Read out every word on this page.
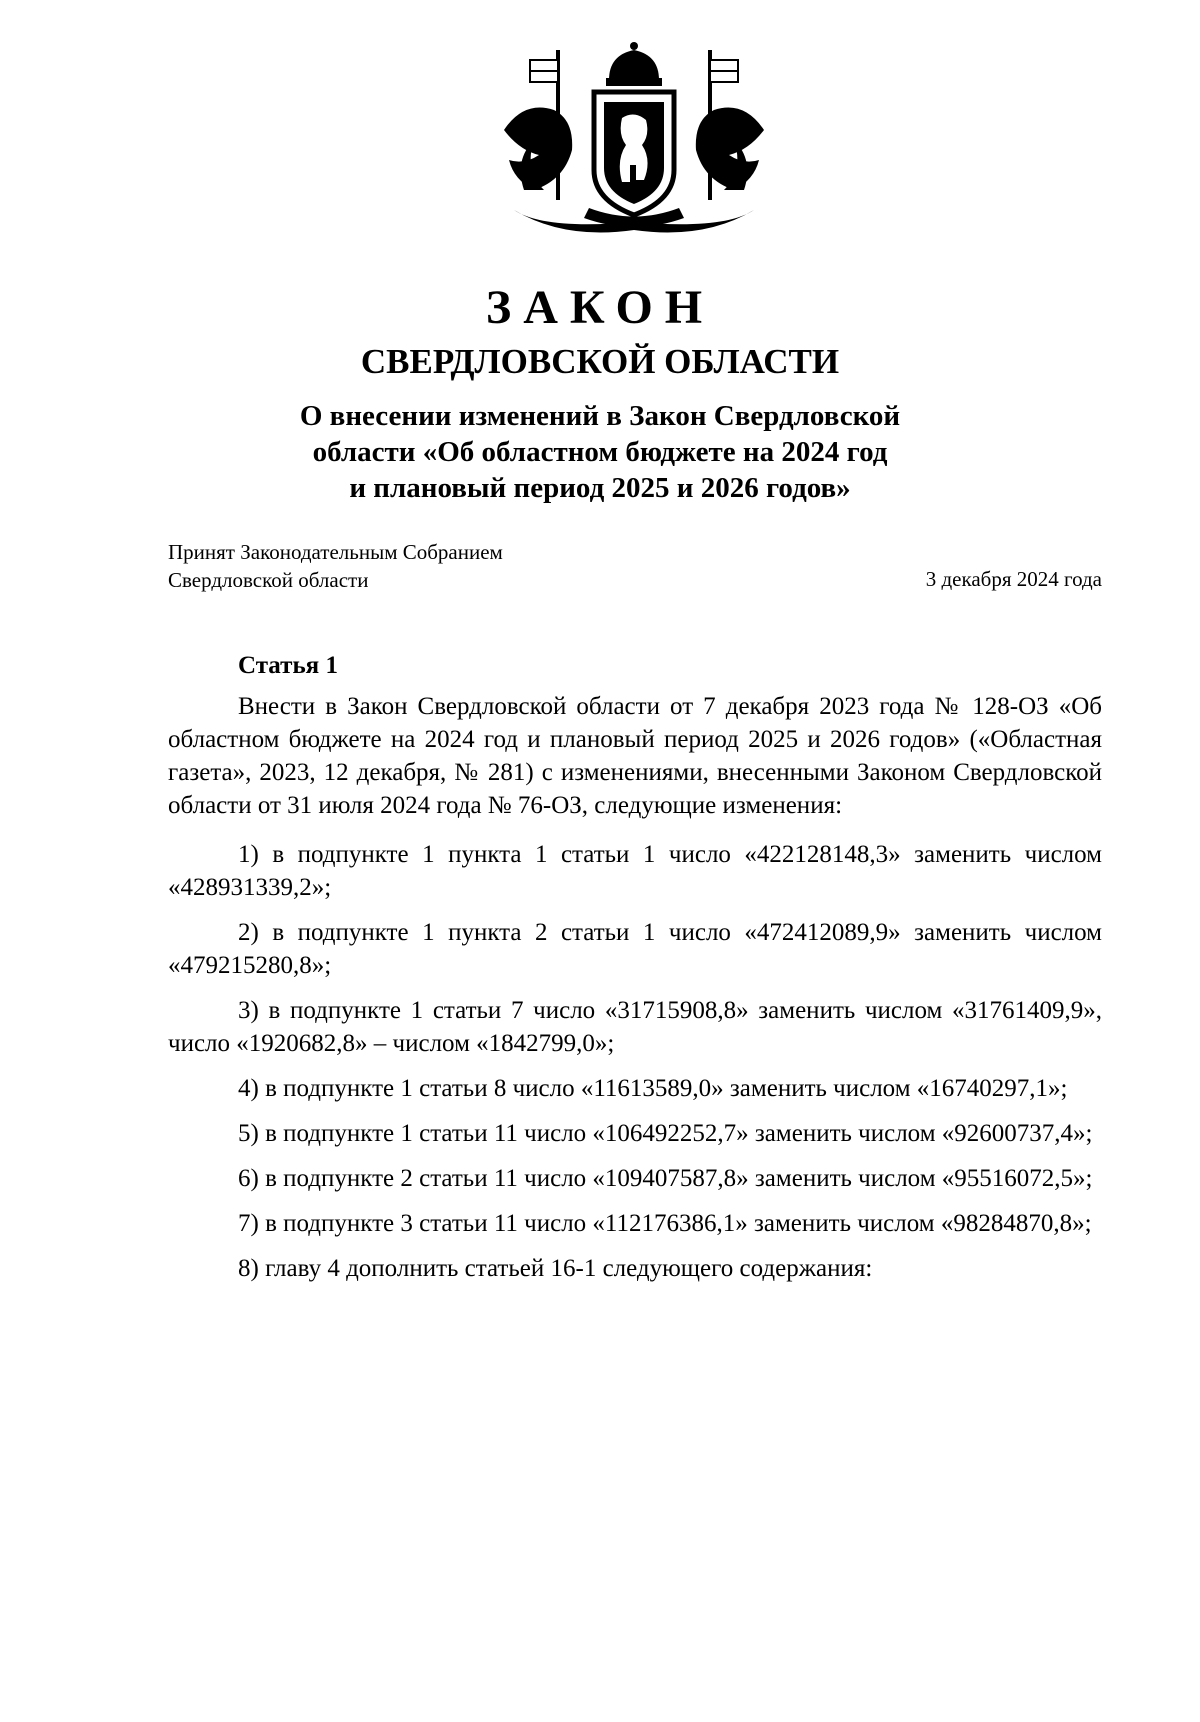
ЗАКОН
СВЕРДЛОВСКОЙ ОБЛАСТИ
О внесении изменений в Закон Свердловской
области «Об областном бюджете на 2024 год
и плановый период 2025 и 2026 годов»
Принят Законодательным Собранием
Свердловской области	3 декабря 2024 года
Статья 1

Внести в Закон Свердловской области от 7 декабря 2023 года № 128-ОЗ «Об областном бюджете на 2024 год и плановый период 2025 и 2026 годов» («Областная газета», 2023, 12 декабря, № 281) с изменениями, внесенными Законом Свердловской области от 31 июля 2024 года № 76-ОЗ, следующие изменения:

1) в подпункте 1 пункта 1 статьи 1 число «422128148,3» заменить числом «428931339,2»;

2) в подпункте 1 пункта 2 статьи 1 число «472412089,9» заменить числом «479215280,8»;

3) в подпункте 1 статьи 7 число «31715908,8» заменить числом «31761409,9», число «1920682,8» – числом «1842799,0»;

4) в подпункте 1 статьи 8 число «11613589,0» заменить числом «16740297,1»;

5) в подпункте 1 статьи 11 число «106492252,7» заменить числом «92600737,4»;

6) в подпункте 2 статьи 11 число «109407587,8» заменить числом «95516072,5»;

7) в подпункте 3 статьи 11 число «112176386,1» заменить числом «98284870,8»;

8) главу 4 дополнить статьей 16-1 следующего содержания:
